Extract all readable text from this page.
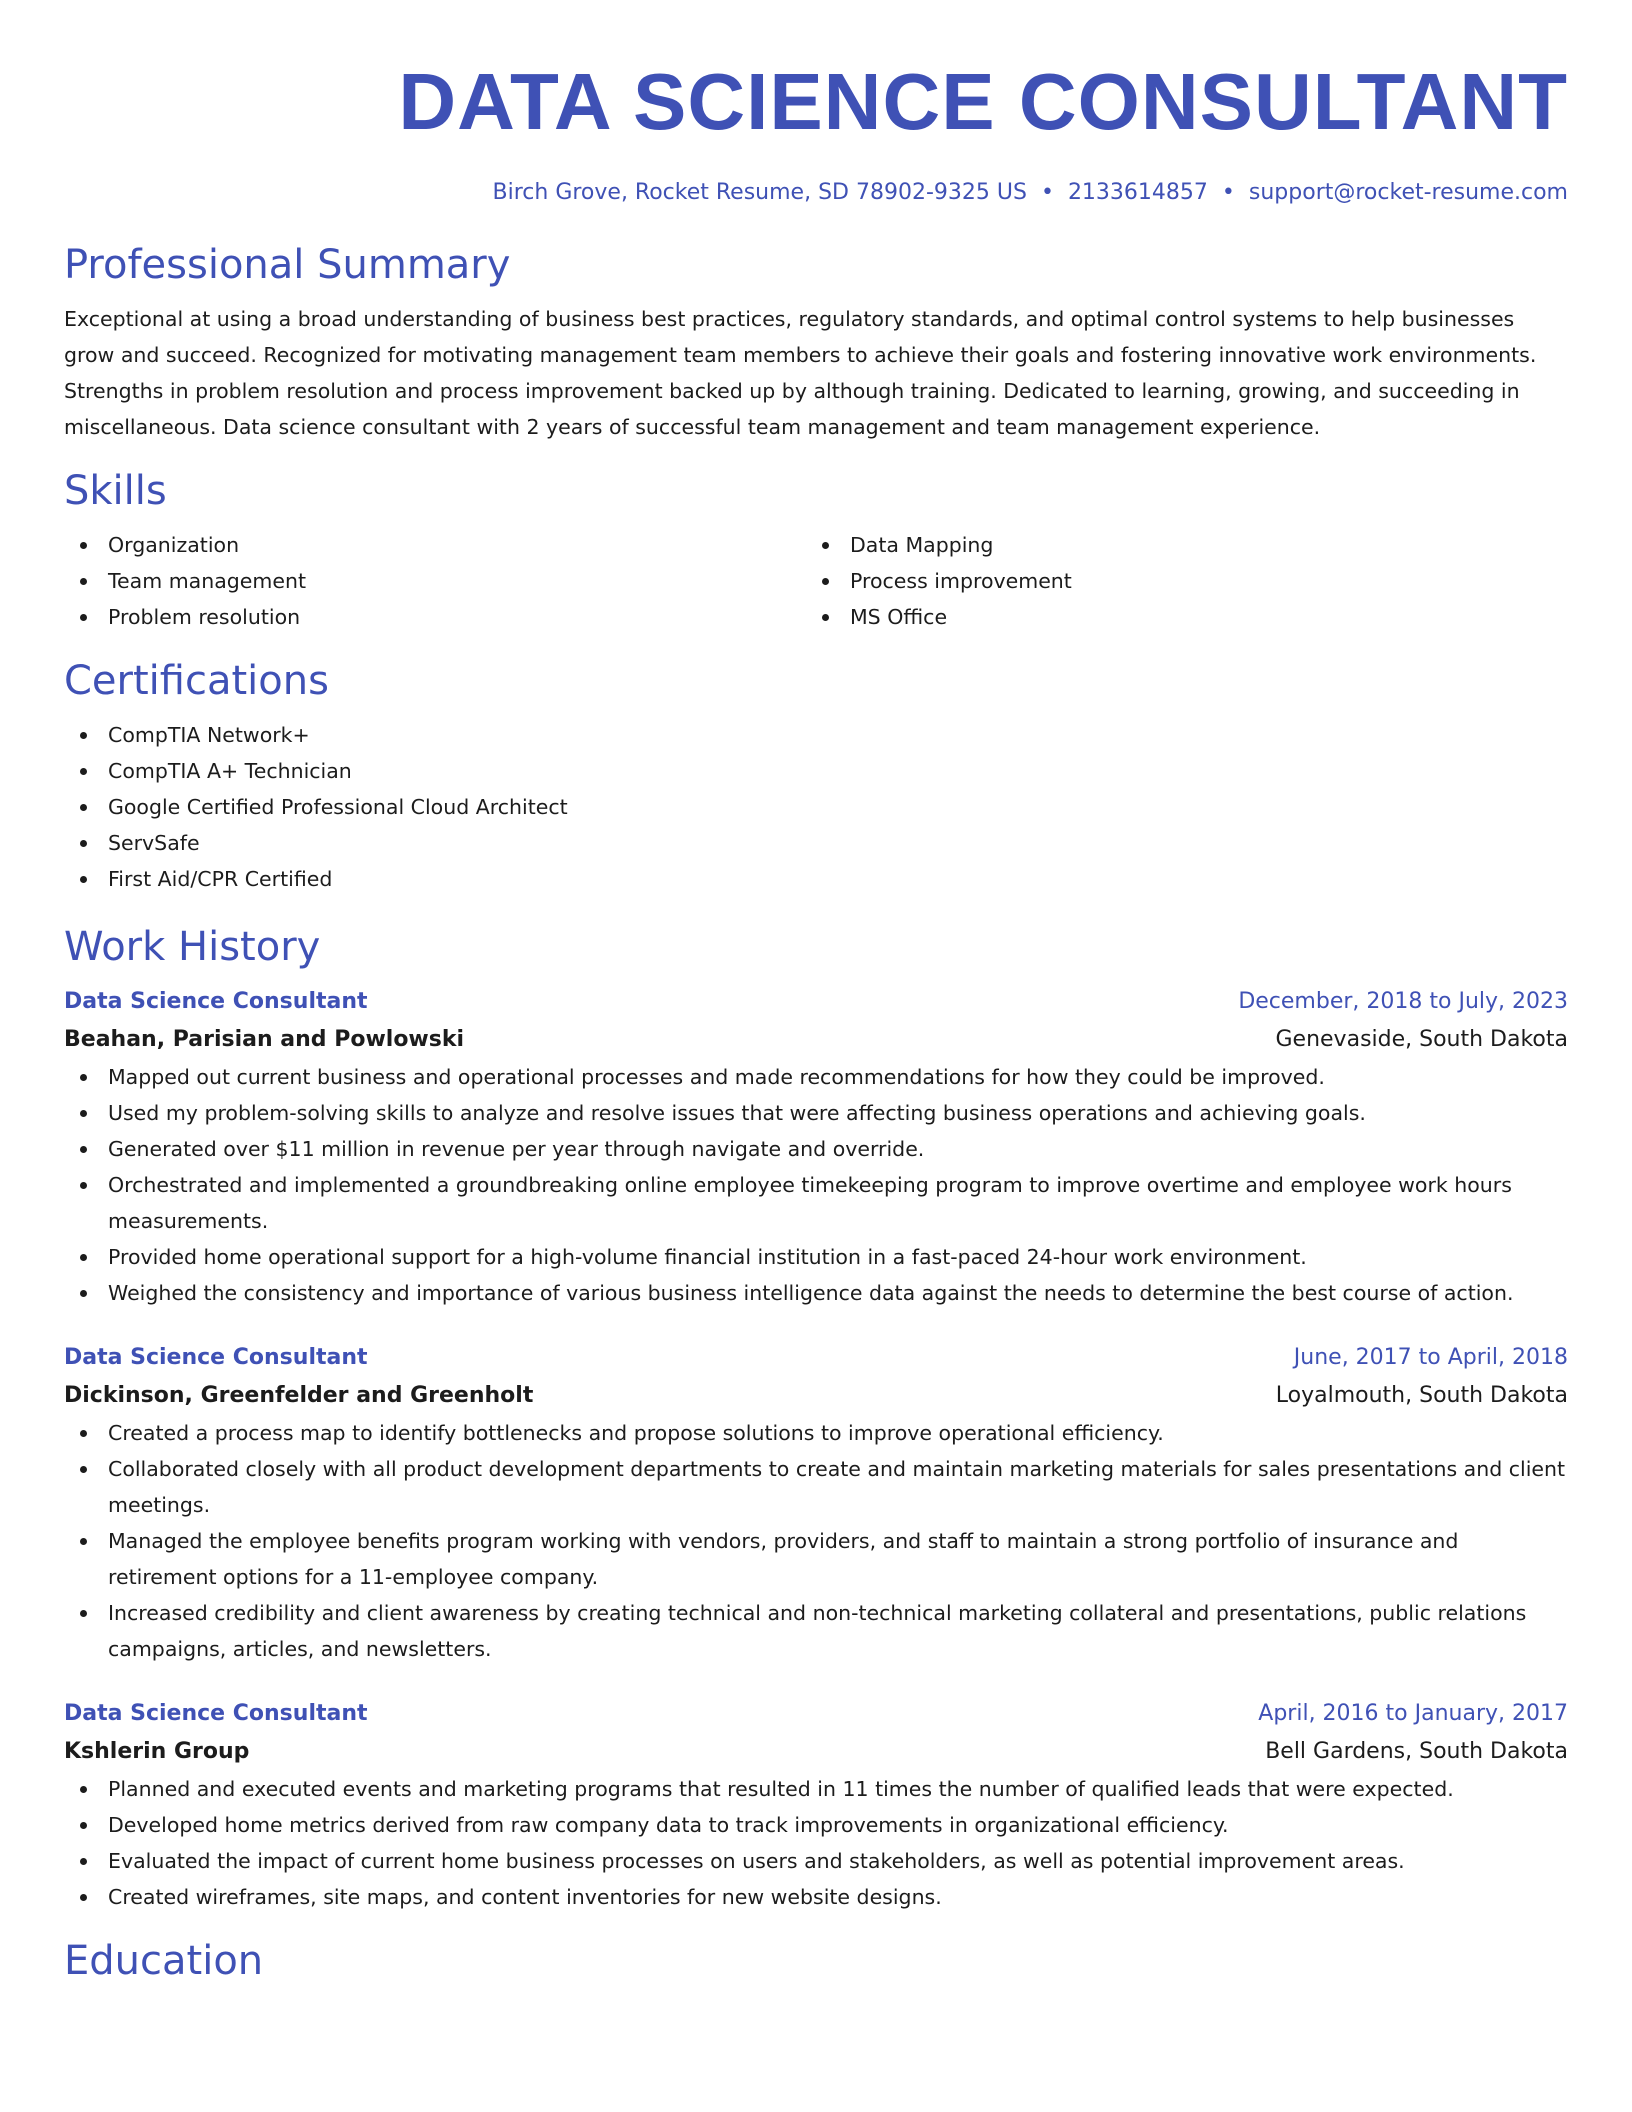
DATA SCIENCE CONSULTANT
Birch Grove, Rocket Resume, SD 78902-9325 US • 2133614857 • support@rocket-resume.com
Professional Summary

Exceptional at using a broad understanding of business best practices, regulatory standards, and optimal control systems to help businesses grow and succeed. Recognized for motivating management team members to achieve their goals and fostering innovative work environments. Strengths in problem resolution and process improvement backed up by although training. Dedicated to learning, growing, and succeeding in miscellaneous. Data science consultant with 2 years of successful team management and team management experience.

Skills
Organization
Team management
Problem resolution
Data Mapping
Process improvement
MS Office
Certifications
CompTIA Network+
CompTIA A+ Technician
Google Certified Professional Cloud Architect
ServSafe
First Aid/CPR Certified
Work History
Data Science Consultant	December, 2018 to July, 2023
Beahan, Parisian and Powlowski	Genevaside, South Dakota
Mapped out current business and operational processes and made recommendations for how they could be improved.
Used my problem-solving skills to analyze and resolve issues that were affecting business operations and achieving goals.
Generated over $11 million in revenue per year through navigate and override.
Orchestrated and implemented a groundbreaking online employee timekeeping program to improve overtime and employee work hours measurements.
Provided home operational support for a high-volume financial institution in a fast-paced 24-hour work environment.
Weighed the consistency and importance of various business intelligence data against the needs to determine the best course of action.
Data Science Consultant	June, 2017 to April, 2018
Dickinson, Greenfelder and Greenholt	Loyalmouth, South Dakota
Created a process map to identify bottlenecks and propose solutions to improve operational efficiency.
Collaborated closely with all product development departments to create and maintain marketing materials for sales presentations and client meetings.
Managed the employee benefits program working with vendors, providers, and staff to maintain a strong portfolio of insurance and retirement options for a 11-employee company.
Increased credibility and client awareness by creating technical and non-technical marketing collateral and presentations, public relations campaigns, articles, and newsletters.
Data Science Consultant	April, 2016 to January, 2017
Kshlerin Group	Bell Gardens, South Dakota
Planned and executed events and marketing programs that resulted in 11 times the number of qualified leads that were expected.
Developed home metrics derived from raw company data to track improvements in organizational efficiency.
Evaluated the impact of current home business processes on users and stakeholders, as well as potential improvement areas.
Created wireframes, site maps, and content inventories for new website designs.
Education
